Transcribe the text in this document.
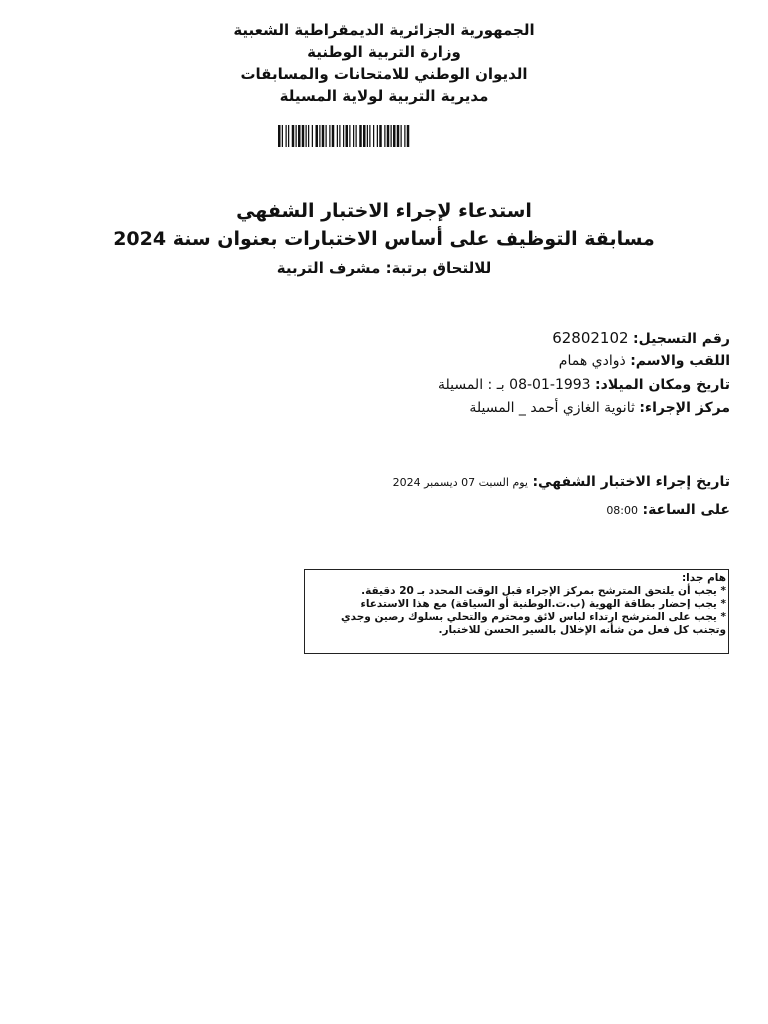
الجمهورية الجزائرية الديمقراطية الشعبية
وزارة التربية الوطنية
الديوان الوطني للامتحانات والمسابقات
مديرية التربية لولاية المسيلة
استدعاء لإجراء الاختبار الشفهي
مسابقة التوظيف على أساس الاختبارات بعنوان سنة 2024
للالتحاق برتبة: مشرف التربية
رقم التسجيل: 62802102
اللقب والاسم: ذوادي همام
تاريخ ومكان الميلاد: 1993-01-08 بـ : المسيلة
مركز الإجراء: ثانوية الغازي أحمد _ المسيلة
تاريخ إجراء الاختبار الشفهي: يوم السبت 07 ديسمبر 2024
على الساعة: 08:00
هام جدا:
* يجب أن يلتحق المترشح بمركز الإجراء قبل الوقت المحدد بـ 20 دقيقة.
* يجب إحضار بطاقة الهوية (ب.ت.الوطنية أو السياقة) مع هذا الاستدعاء
* يجب على المترشح ارتداء لباس لائق ومحترم والتحلي بسلوك رصين وجدي
وتجنب كل فعل من شأنه الإخلال بالسير الحسن للاختبار.
